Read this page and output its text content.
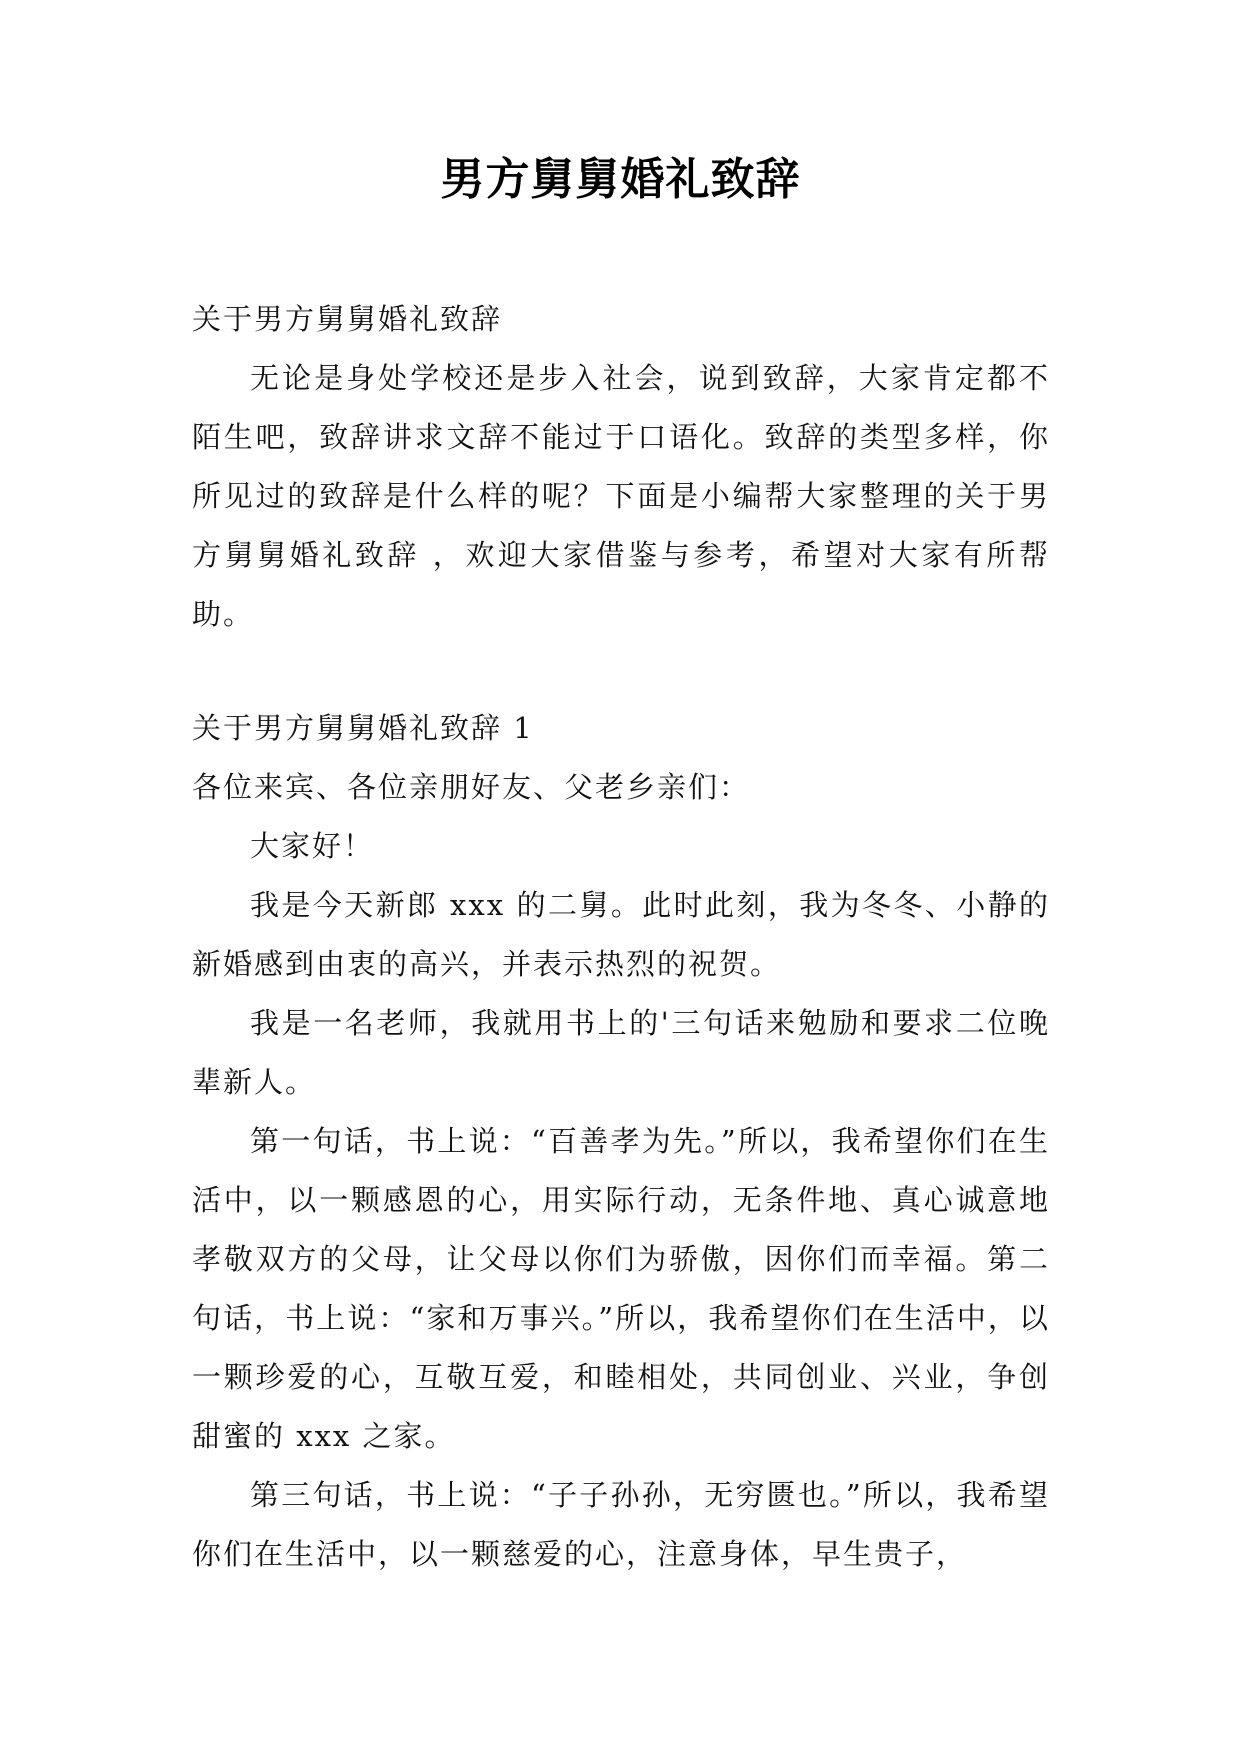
男方舅舅婚礼致辞

关于男方舅舅婚礼致辞

无论是身处学校还是步入社会，说到致辞，大家肯定都不陌生吧，致辞讲求文辞不能过于口语化。致辞的类型多样，你所见过的致辞是什么样的呢？下面是小编帮大家整理的关于男方舅舅婚礼致辞 ，欢迎大家借鉴与参考，希望对大家有所帮助。

关于男方舅舅婚礼致辞 1

各位来宾、各位亲朋好友、父老乡亲们：

大家好！

我是今天新郎 xxx 的二舅。此时此刻，我为冬冬、小静的新婚感到由衷的高兴，并表示热烈的祝贺。

我是一名老师，我就用书上的'三句话来勉励和要求二位晚辈新人。

第一句话，书上说：“百善孝为先。”所以，我希望你们在生活中，以一颗感恩的心，用实际行动，无条件地、真心诚意地孝敬双方的父母，让父母以你们为骄傲，因你们而幸福。第二句话，书上说：“家和万事兴。”所以，我希望你们在生活中，以一颗珍爱的心，互敬互爱，和睦相处，共同创业、兴业，争创甜蜜的 xxx 之家。

第三句话，书上说：“子子孙孙，无穷匮也。”所以，我希望你们在生活中，以一颗慈爱的心，注意身体，早生贵子，
